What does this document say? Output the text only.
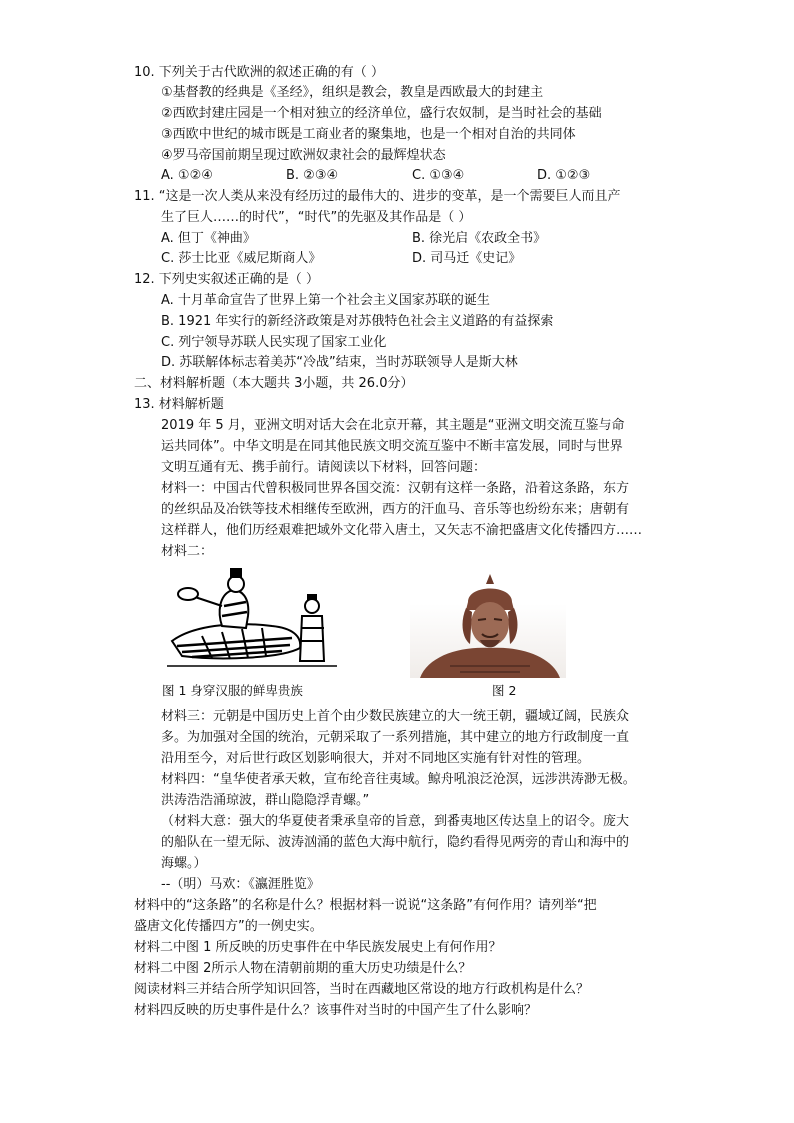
10. 下列关于古代欧洲的叙述正确的有（ ）
①基督教的经典是《圣经》，组织是教会，教皇是西欧最大的封建主
②西欧封建庄园是一个相对独立的经济单位，盛行农奴制，是当时社会的基础
③西欧中世纪的城市既是工商业者的聚集地，也是一个相对自治的共同体
④罗马帝国前期呈现过欧洲奴隶社会的最辉煌状态
A. ①②④	B. ②③④	C. ①③④	D. ①②③
11. “这是一次人类从来没有经历过的最伟大的、进步的变革，是一个需要巨人而且产
生了巨人……的时代”，“时代”的先驱及其作品是（ ）
A. 但丁《神曲》	B. 徐光启《农政全书》
C. 莎士比亚《威尼斯商人》	D. 司马迁《史记》
12. 下列史实叙述正确的是（ ）
A. 十月革命宣告了世界上第一个社会主义国家苏联的诞生
B. 1921 年实行的新经济政策是对苏俄特色社会主义道路的有益探索
C. 列宁领导苏联人民实现了国家工业化
D. 苏联解体标志着美苏“冷战”结束，当时苏联领导人是斯大林
二、材料解析题（本大题共 3小题，共 26.0分）
13. 材料解析题
2019 年 5 月，亚洲文明对话大会在北京开幕，其主题是“亚洲文明交流互鉴与命
运共同体”。中华文明是在同其他民族文明交流互鉴中不断丰富发展，同时与世界
文明互通有无、携手前行。请阅读以下材料，回答问题：
材料一：中国古代曾积极同世界各国交流：汉朝有这样一条路，沿着这条路，东方
的丝织品及冶铁等技术相继传至欧洲，西方的汗血马、音乐等也纷纷东来；唐朝有
这样群人，他们历经艰难把域外文化带入唐土，又矢志不渝把盛唐文化传播四方……
材料二：
图 1 身穿汉服的鲜卑贵族	图 2
材料三：元朝是中国历史上首个由少数民族建立的大一统王朝，疆域辽阔，民族众
多。为加强对全国的统治，元朝采取了一系列措施，其中建立的地方行政制度一直
沿用至今，对后世行政区划影响很大，并对不同地区实施有针对性的管理。
材料四：“皇华使者承天敕，宣布纶音往夷域。鲸舟吼浪泛沧溟，远涉洪涛渺无极。
洪涛浩浩涌琼波，群山隐隐浮青螺。”
（材料大意：强大的华夏使者秉承皇帝的旨意，到番夷地区传达皇上的诏令。庞大
的船队在一望无际、波涛汹涌的蓝色大海中航行，隐约看得见两旁的青山和海中的
海螺。）
--（明）马欢：《瀛涯胜览》
材料中的“这条路”的名称是什么？根据材料一说说“这条路”有何作用？请列举“把
盛唐文化传播四方”的一例史实。
材料二中图 1 所反映的历史事件在中华民族发展史上有何作用？
材料二中图 2所示人物在清朝前期的重大历史功绩是什么？
阅读材料三并结合所学知识回答，当时在西藏地区常设的地方行政机构是什么？
材料四反映的历史事件是什么？该事件对当时的中国产生了什么影响？
